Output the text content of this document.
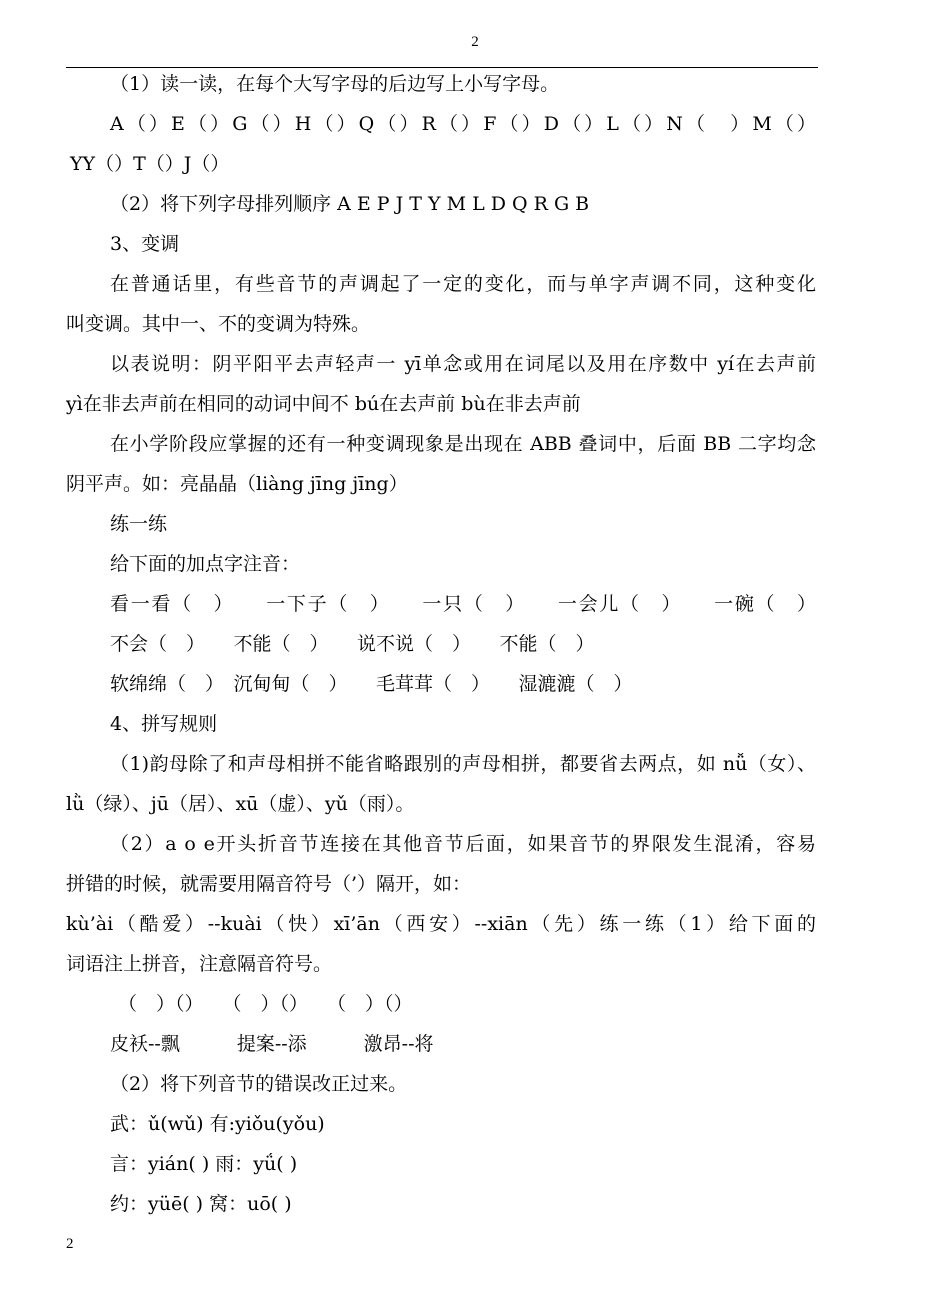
2
（1）读一读，在每个大写字母的后边写上小写字母。
A（）E（）G（）H（）Q（）R（）F（）D（）L（）N（　）M（）
YY（）T（）J（）
（2）将下列字母排列顺序 A E P J T Y M L D Q R G B
3、变调
在普通话里，有些音节的声调起了一定的变化，而与单字声调不同，这种变化
叫变调。其中一、不的变调为特殊。
以表说明：阴平阳平去声轻声一 yī单念或用在词尾以及用在序数中 yí在去声前
yì在非去声前在相同的动词中间不 bú在去声前 bù在非去声前
在小学阶段应掌握的还有一种变调现象是出现在 ABB 叠词中，后面 BB 二字均念
阴平声。如：亮晶晶（liàng jīng jīng）
练一练
给下面的加点字注音：
看一看（　）　　一下子（　）　　一只（　）　　一会儿（　）　　一碗（　）
不会（　）　　不能（　）　　说不说（　）　　不能（　）
软绵绵（　）　沉甸甸（　）　　毛茸茸（　）　　湿漉漉（　）
4、拼写规则
（1)韵母除了和声母相拼不能省略跟别的声母相拼，都要省去两点，如 nǚ（女）、
lǜ（绿）、jū（居）、xū（虚）、yǔ（雨）。
（2）a o e开头折音节连接在其他音节后面，如果音节的界限发生混淆，容易
拼错的时候，就需要用隔音符号（’）隔开，如：
kù’ài（酷爱）--kuài（快）xī’ān（西安）--xiān（先）练一练（1）给下面的
词语注上拼音，注意隔音符号。
（　）（）　　（　）（）　　（　）（）
皮袄--飘　　　提案--添　　　激昂--将
（2）将下列音节的错误改正过来。
武：ǔ(wǔ) 有:yiǒu(yǒu)
言：yián( ) 雨：yǘ( )
约：yüē( ) 窝：uō( )
2
